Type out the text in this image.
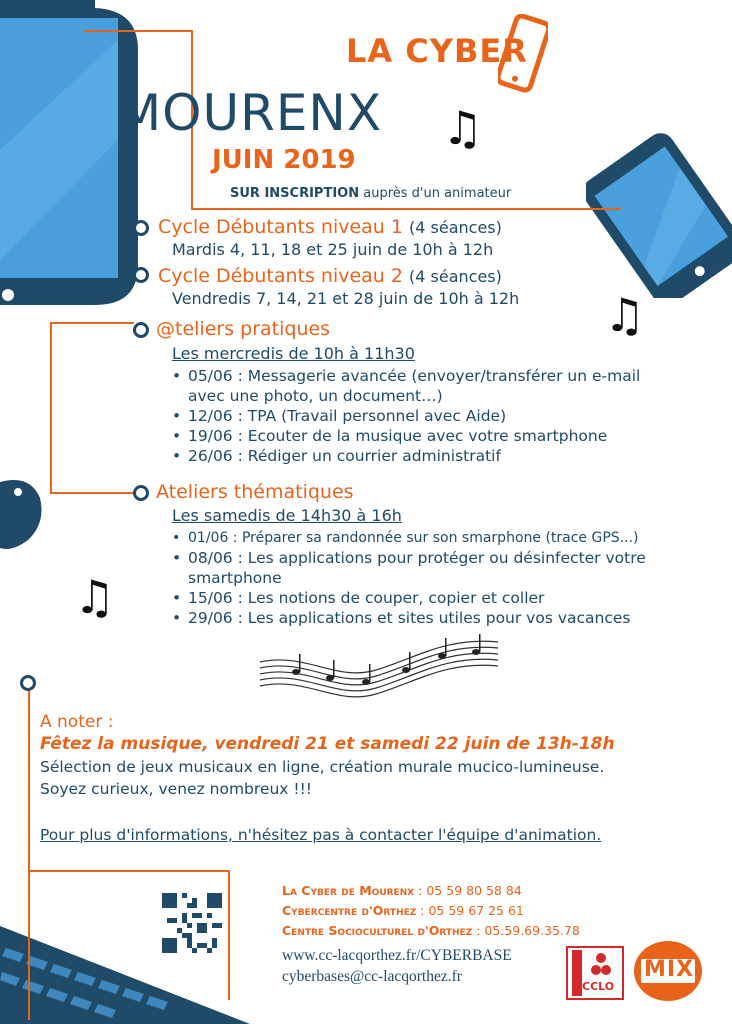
LA CYBER
MOURENX
JUIN 2019
SUR INSCRIPTION auprès d'un animateur
♫
♫
♫
Cycle Débutants niveau 1 (4 séances)
Mardis 4, 11, 18 et 25 juin de 10h à 12h
Cycle Débutants niveau 2 (4 séances)
Vendredis 7, 14, 21 et 28 juin de 10h à 12h
@teliers pratiques
Les mercredis de 10h à 11h30
• 05/06 : Messagerie avancée (envoyer/transférer un e-mail avec une photo, un document…)
• 12/06 : TPA (Travail personnel avec Aide)
• 19/06 : Ecouter de la musique avec votre smartphone
• 26/06 : Rédiger un courrier administratif
Ateliers thématiques
Les samedis de 14h30 à 16h
• 01/06 : Préparer sa randonnée sur son smarphone (trace GPS...)
• 08/06 : Les applications pour protéger ou désinfecter votre smartphone
• 15/06 : Les notions de couper, copier et coller
• 29/06 : Les applications et sites utiles pour vos vacances
A noter :
Fêtez la musique, vendredi 21 et samedi 22 juin de 13h-18h
Sélection de jeux musicaux en ligne, création murale mucico-lumineuse.
Soyez curieux, venez nombreux !!!
Pour plus d'informations, n'hésitez pas à contacter l'équipe d'animation.
La Cyber de Mourenx : 05 59 80 58 84
Cybercentre d'Orthez : 05 59 67 25 61
Centre Socioculturel d'Orthez : 05.59.69.35.78
www.cc-lacqorthez.fr/CYBERBASE
cyberbases@cc-lacqorthez.fr
CCLO
MIX
